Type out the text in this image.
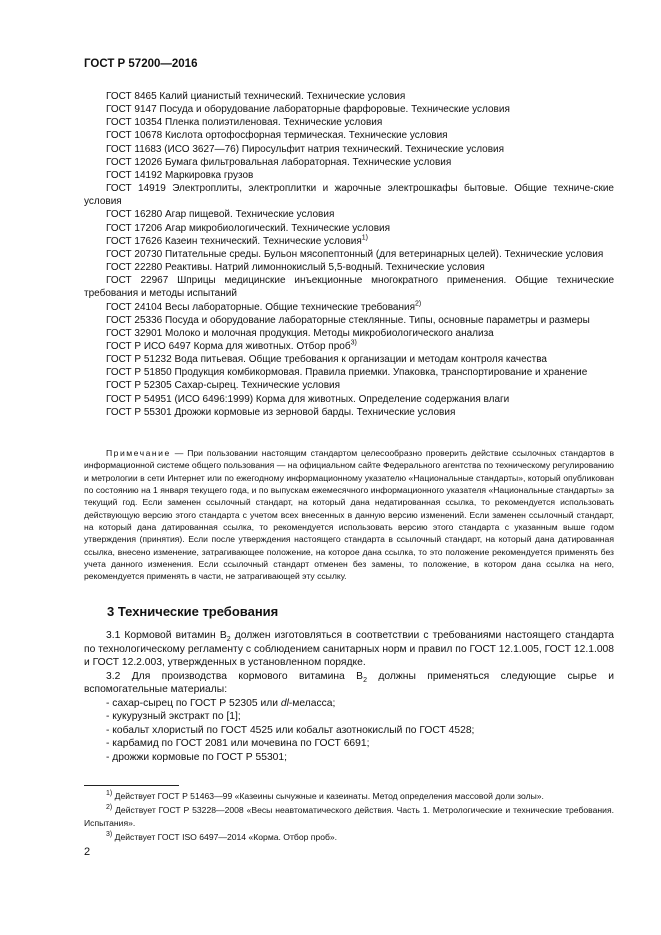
ГОСТ Р 57200—2016
ГОСТ 8465 Калий цианистый технический. Технические условия
ГОСТ 9147 Посуда и оборудование лабораторные фарфоровые. Технические условия
ГОСТ 10354 Пленка полиэтиленовая. Технические условия
ГОСТ 10678 Кислота ортофосфорная термическая. Технические условия
ГОСТ 11683 (ИСО 3627—76) Пиросульфит натрия технический. Технические условия
ГОСТ 12026 Бумага фильтровальная лабораторная. Технические условия
ГОСТ 14192 Маркировка грузов
ГОСТ 14919 Электроплиты, электроплитки и жарочные электрошкафы бытовые. Общие техниче-ские условия
ГОСТ 16280 Агар пищевой. Технические условия
ГОСТ 17206 Агар микробиологический. Технические условия
ГОСТ 17626 Казеин технический. Технические условия$^{1)}$
ГОСТ 20730 Питательные среды. Бульон мясопептонный (для ветеринарных целей). Технические условия
ГОСТ 22280 Реактивы. Натрий лимоннокислый 5,5-водный. Технические условия
ГОСТ 22967 Шприцы медицинские инъекционные многократного применения. Общие технические требования и методы испытаний
ГОСТ 24104 Весы лабораторные. Общие технические требования$^{2)}$
ГОСТ 25336 Посуда и оборудование лабораторные стеклянные. Типы, основные параметры и размеры
ГОСТ 32901 Молоко и молочная продукция. Методы микробиологического анализа
ГОСТ Р ИСО 6497 Корма для животных. Отбор проб$^{3)}$
ГОСТ Р 51232 Вода питьевая. Общие требования к организации и методам контроля качества
ГОСТ Р 51850 Продукция комбикормовая. Правила приемки. Упаковка, транспортирование и хранение
ГОСТ Р 52305 Сахар-сырец. Технические условия
ГОСТ Р 54951 (ИСО 6496:1999) Корма для животных. Определение содержания влаги
ГОСТ Р 55301 Дрожжи кормовые из зерновой барды. Технические условия
Примечание — При пользовании настоящим стандартом целесообразно проверить действие ссылочных стандартов в информационной системе общего пользования — на официальном сайте Федерального агентства по техническому регулированию и метрологии в сети Интернет или по ежегодному информационному указателю «Национальные стандарты», который опубликован по состоянию на 1 января текущего года, и по выпускам ежемесячного информационного указателя «Национальные стандарты» за текущий год. Если заменен ссылочный стандарт, на который дана недатированная ссылка, то рекомендуется использовать действующую версию этого стандарта с учетом всех внесенных в данную версию изменений. Если заменен ссылочный стандарт, на который дана датированная ссылка, то рекомендуется использовать версию этого стандарта с указанным выше годом утверждения (принятия). Если после утверждения настоящего стандарта в ссылочный стандарт, на который дана датированная ссылка, внесено изменение, затрагивающее положение, на которое дана ссылка, то это положение рекомендуется применять без учета данного изменения. Если ссылочный стандарт отменен без замены, то положение, в котором дана ссылка на него, рекомендуется применять в части, не затрагивающей эту ссылку.
3 Технические требования
3.1 Кормовой витамин $В_2$ должен изготовляться в соответствии с требованиями настоящего стандарта по технологическому регламенту с соблюдением санитарных норм и правил по ГОСТ 12.1.005, ГОСТ 12.1.008 и ГОСТ 12.2.003, утвержденных в установленном порядке.
3.2 Для производства кормового витамина $В_2$ должны применяться следующие сырье и вспомогательные материалы:
- сахар-сырец по ГОСТ Р 52305 или dl-меласса;
- кукурузный экстракт по [1];
- кобальт хлористый по ГОСТ 4525 или кобальт азотнокислый по ГОСТ 4528;
- карбамид по ГОСТ 2081 или мочевина по ГОСТ 6691;
- дрожжи кормовые по ГОСТ Р 55301;
$^{1)}$ Действует ГОСТ Р 51463—99 «Казеины сычужные и казеинаты. Метод определения массовой доли золы».
$^{2)}$ Действует ГОСТ Р 53228—2008 «Весы неавтоматического действия. Часть 1. Метрологические и технические требования. Испытания».
$^{3)}$ Действует ГОСТ ISO 6497—2014 «Корма. Отбор проб».
2
